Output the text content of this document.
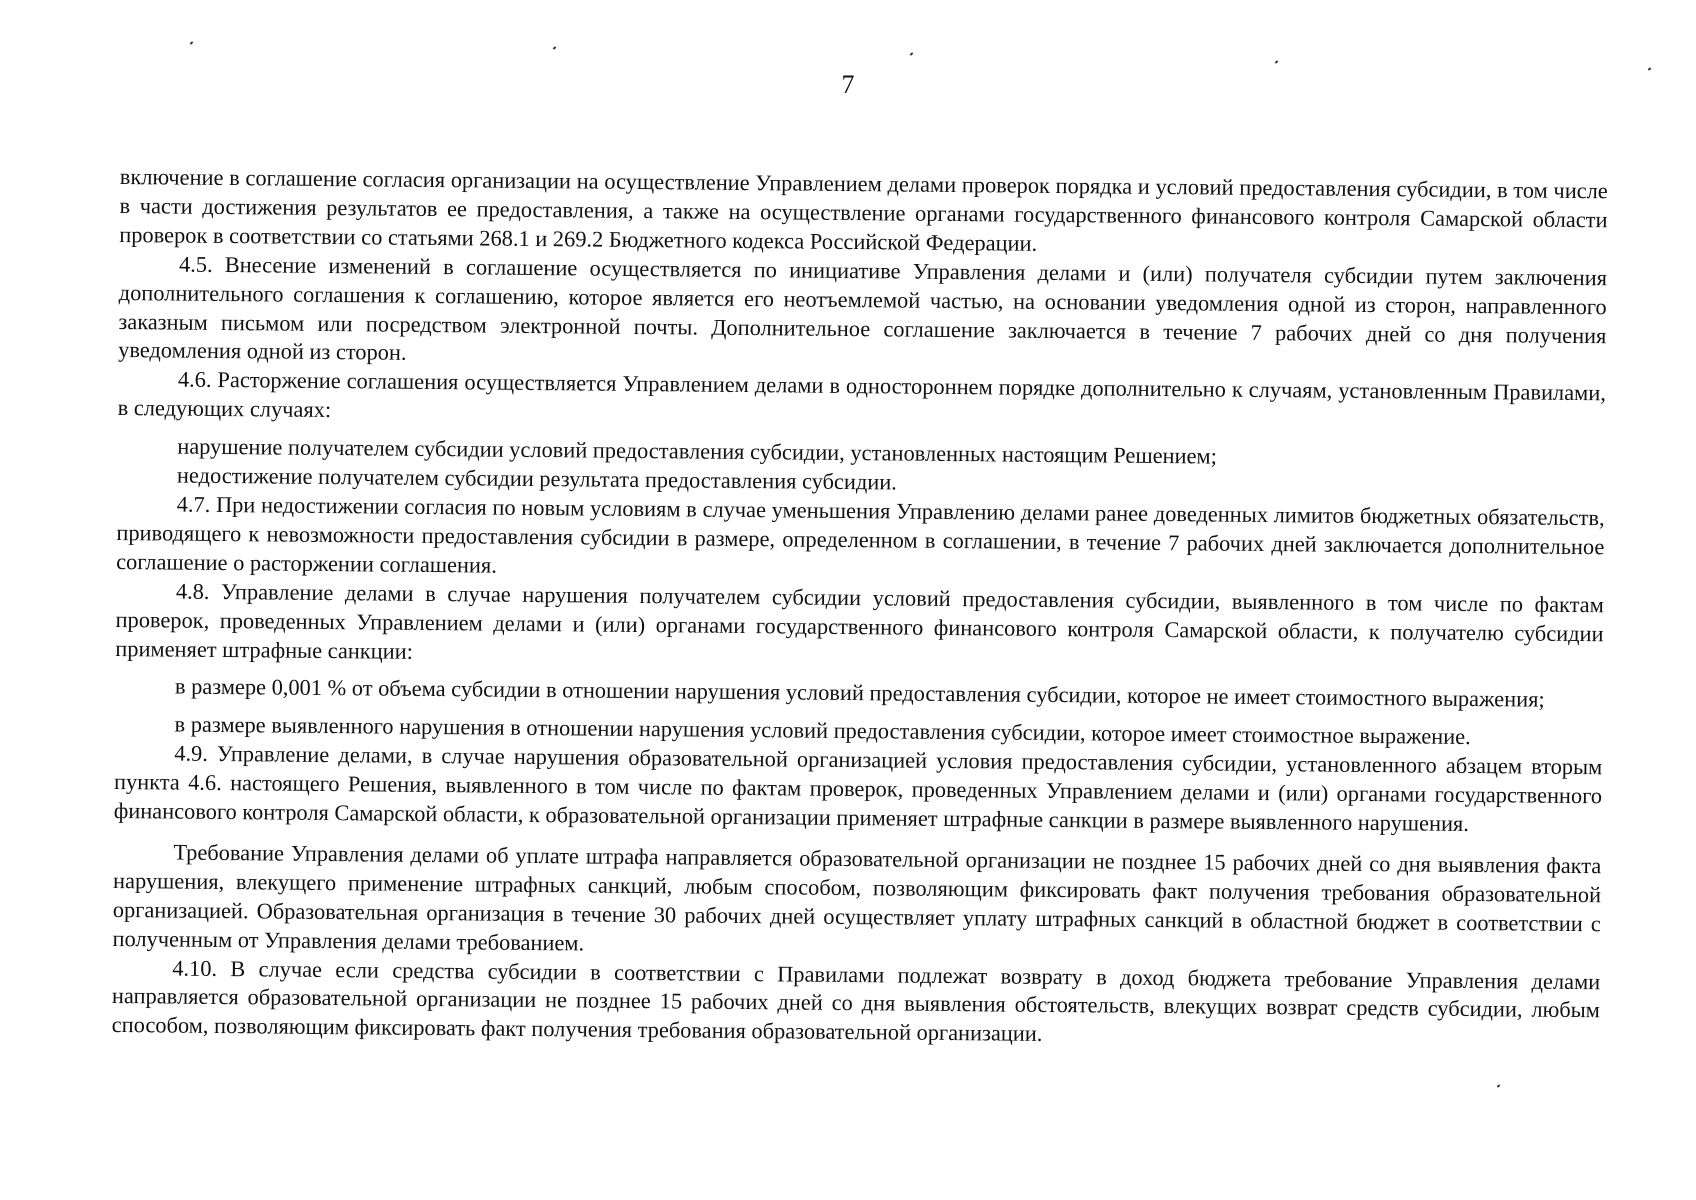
7

включение в соглашение согласия организации на осуществление Управлением делами проверок порядка и условий предоставления субсидии, в том числе в части достижения результатов ее предоставления, а также на осуществление органами государственного финансового контроля Самарской области проверок в соответствии со статьями 268.1 и 269.2 Бюджетного кодекса Российской Федерации.

4.5. Внесение изменений в соглашение осуществляется по инициативе Управления делами и (или) получателя субсидии путем заключения дополнительного соглашения к соглашению, которое является его неотъемлемой частью, на основании уведомления одной из сторон, направленного заказным письмом или посредством электронной почты. Дополнительное соглашение заключается в течение 7 рабочих дней со дня получения уведомления одной из сторон.

4.6. Расторжение соглашения осуществляется Управлением делами в одностороннем порядке дополнительно к случаям, установленным Правилами, в следующих случаях:

нарушение получателем субсидии условий предоставления субсидии, установленных настоящим Решением;

недостижение получателем субсидии результата предоставления субсидии.

4.7. При недостижении согласия по новым условиям в случае уменьшения Управлению делами ранее доведенных лимитов бюджетных обязательств, приводящего к невозможности предоставления субсидии в размере, определенном в соглашении, в течение 7 рабочих дней заключается дополнительное соглашение о расторжении соглашения.

4.8. Управление делами в случае нарушения получателем субсидии условий предоставления субсидии, выявленного в том числе по фактам проверок, проведенных Управлением делами и (или) органами государственного финансового контроля Самарской области, к получателю субсидии применяет штрафные санкции:

в размере 0,001 % от объема субсидии в отношении нарушения условий предоставления субсидии, которое не имеет стоимостного выражения;

в размере выявленного нарушения в отношении нарушения условий предоставления субсидии, которое имеет стоимостное выражение.

4.9. Управление делами, в случае нарушения образовательной организацией условия предоставления субсидии, установленного абзацем вторым пункта 4.6. настоящего Решения, выявленного в том числе по фактам проверок, проведенных Управлением делами и (или) органами государственного финансового контроля Самарской области, к образовательной организации применяет штрафные санкции в размере выявленного нарушения.

Требование Управления делами об уплате штрафа направляется образовательной организации не позднее 15 рабочих дней со дня выявления факта нарушения, влекущего применение штрафных санкций, любым способом, позволяющим фиксировать факт получения требования образовательной организацией. Образовательная организация в течение 30 рабочих дней осуществляет уплату штрафных санкций в областной бюджет в соответствии с полученным от Управления делами требованием.

4.10. В случае если средства субсидии в соответствии с Правилами подлежат возврату в доход бюджета требование Управления делами направляется образовательной организации не позднее 15 рабочих дней со дня выявления обстоятельств, влекущих возврат средств субсидии, любым способом, позволяющим фиксировать факт получения требования образовательной организации.
